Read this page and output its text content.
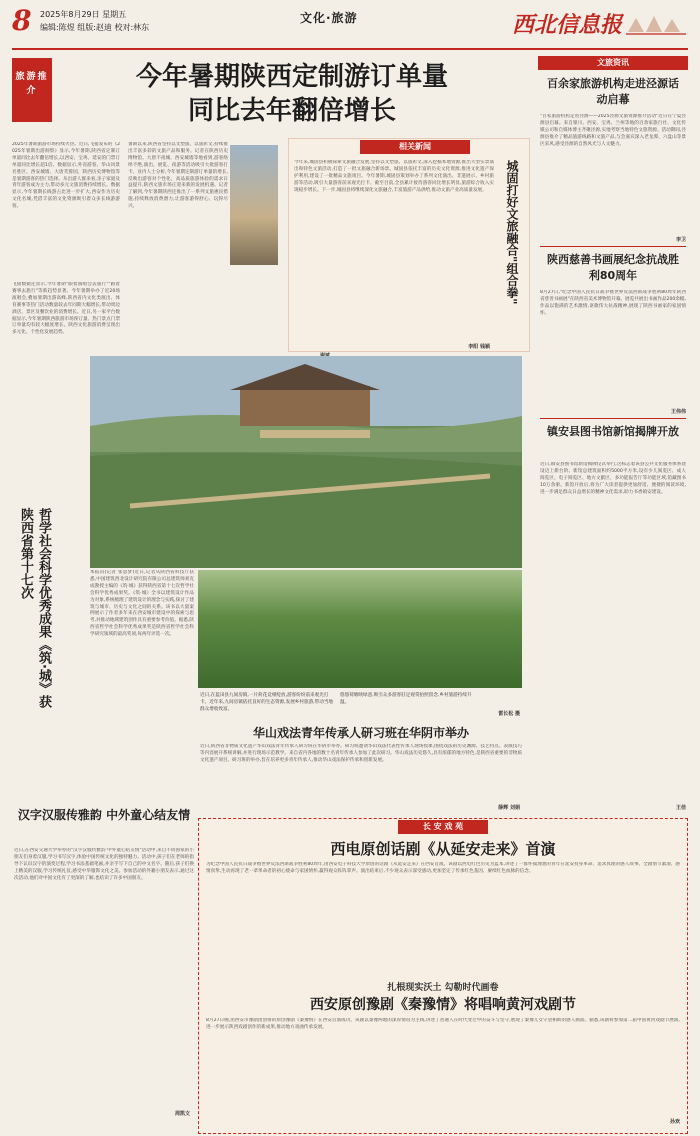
8 2025年8月29日 星期五
编辑:陈煜 组版:赵迪 校对:林东
文化·旅游	西北信息报
旅游推介	今年暑期陕西定制游订单量
同比去年翻倍增长
2025年暑期旅游市场持续火热。近日,飞猪发布的《2025年暑期出游洞察》显示,今年暑期,陕西省定制订单量同比去年翻倍增长,以西安、宝鸡、延安的门票订单量同比增长超1倍。数据显示,外省游客、华山风景名胜区、西安城墙、大唐芙蓉园、陕西历史博物馆等是暑期游客的热门选择。从出游人群来看,亲子家庭及青年游客成为主力,带动多元文旅消费持续增长。数据显示,今年暑期长线游占比进一步扩大,西安作为历史文化名城,凭借丰富的文化资源吸引着众多长线游游客。
飞猪数据还显示,今年暑期"跟着演唱会去旅行""跟着赛事去旅行"等新趋势显著。今年暑期举办了近20场演唱会,叠加暑期出游高峰,陕西省内文化类演出、体育赛事等热门活动数量较去年同期大幅增长,带动周边酒店、景区及餐饮业的消费增长。近日,另一家平台数据显示,今年暑期陕西旅游市场预订量、热门景点门票订单量均有较大幅度增长。陕西文化旅游消费呈现出多元化、个性化发展趋势。
暑期以来,陕西省坚持以文塑旅、以旅彰文,持续推出丰富多彩的文旅产品和服务。记者在陕西历史博物馆、大唐不夜城、西安城墙等地看到,游客络绎不绝,演出、展览、夜游等活动吸引大批游客打卡。业内人士分析,今年暑期定制游订单量的增长,反映出游客对个性化、高品质旅游体验的需求日益提升,陕西文旅市场正迎来新的发展机遇。记者了解到,今年暑期陕西还推出了一系列文旅惠民措施,持续释放消费潜力,让游客游得舒心、玩得尽兴。
相关新闻
今年来,城固县积极探索文旅融合发展,坚持以文塑旅、以旅彰文,深入挖掘本地资源,推出大型实景演出和特色文旅活动,打造了一批文旅融合新场景。城固县依托丰富的历史文化资源,推进文化遗产保护利用,建设了一批精品文旅项目。今年暑期,城固县策划举办了系列文化演出、非遗展示、乡村旅游等活动,吸引大量游客前来观光打卡。截至目前,全县累计接待游客同比增长明显,旅游综合收入实现稳步增长。下一步,城固县将继续深化文旅融合,丰富旅游产品供给,推动文旅产业高质量发展。	城固打好文旅融合"组合拳"
李阳 钱颖
哲学社会科学优秀成果《筑·城》获陕西省第十七次	本报讯(记者 张思梦)近日,记者从陕西省科技厅获悉,中国建筑西北设计研究院有限公司总建筑师刘克成教授主编的《筑·城》获得陕西省第十七次哲学社会科学优秀成果奖。《筑·城》全书以建筑设计作品为对象,系统梳理了建筑设计的理念与实践,探讨了建筑与城市、历史与文化之间的关系。该书以大量案例展示了作者多年来在西安城市建设中的探索与思考,对推动地域建筑创作具有重要参考价值。据悉,陕西省哲学社会科学优秀成果奖是陕西省哲学社会科学研究领域的最高奖项,每两年评选一次。
近日,在蓝田县九间房镇,一片荷花竞相绽放,游客纷纷前来观光打卡。近年来,九间房镇依托良好的生态资源,发展乡村旅游,带动当地群众增收致富。
悠悠荷塘映绿意,吸引众多游客驻足观赏拍照留念,乡村旅游持续升温。
雷长松 摄
华山戏法青年传承人研习班在华阴市举办
近日,陕西省非物质文化遗产华山戏法青年传承人研习班在华阴市举办。研习班邀请华山戏法代表性传承人现场授课,围绕戏法的历史渊源、技艺特点、表演技巧等内容展开系统讲解,并进行现场示范教学。来自省内各地的数十名青年传承人参加了此次研习。华山戏法历史悠久,具有浓郁的地方特色,是陕西省重要的非物质文化遗产项目。研习班的举办,旨在培养更多青年传承人,推动华山戏法保护传承和创新发展。
薛辉 刘娟
汉字汉服传雅韵 中外童心结友情
近日,在西安交通大学举办的"汉字汉服传雅韵 中外童心结友情"活动中,来自不同国家的小朋友们身着汉服,学习书写汉字,体验中国传统文化的独特魅力。活动中,孩子们在老师的指导下认识汉字的演变过程,学习书法基础笔画,并亲手写下自己的中文名字。随后,孩子们换上精美的汉服,学习传统礼仪,感受中华服饰文化之美。参加活动的外籍小朋友表示,通过这次活动,他们对中国文化有了更深的了解,也结识了许多中国朋友。
周凯文
长 安 戏 苑
西电原创话剧《从延安走来》首演
为纪念中国人民抗日战争暨世界反法西斯战争胜利80周年,由西安电子科技大学原创的话剧《从延安走来》在西安首演。该剧以西电红色历史为蓝本,讲述了一群怀揣理想的青年在延安投身革命、追求真理的感人故事。全剧情节紧凑、感情真挚,生动再现了老一辈革命者的初心使命与家国情怀,赢得观众阵阵掌声。演出结束后,不少观众表示深受感动,更加坚定了传承红色基因、赓续红色血脉的信念。
扎根现实沃土 勾勒时代画卷
西安原创豫剧《秦豫情》将唱响黄河戏剧节
8月27日晚,由西安市豫剧团创排的原创豫剧《秦豫情》在西安首演成功。该剧以秦豫两地的深厚情谊为主线,讲述了普通人在时代变迁中的奋斗与坚守,展现了秦豫儿女守望相助的感人画面。据悉,该剧将参加第二届中国黄河戏剧节展演,进一步展示陕西戏剧创作的新成果,推动地方戏曲传承发展。
孙欢
文旅资讯
百余家旅游机构走进泾源话动启幕
"百家旅游机构走进泾源——2025泾源文旅资源推介活动"近日在宁夏泾源县启幕。来自银川、西安、宝鸡、兰州等地的百余家旅行社、文化传媒公司和自媒体博主齐聚泾源,实地考察当地特色文旅资源。活动期间,泾源县推介了精品旅游线路和文旅产品,与会嘉宾深入老龙潭、六盘山等景区采风,感受泾源的自然风光与人文魅力。
李卫
陕西慈善书画展纪念抗战胜利80周年
8月27日,"纪念中国人民抗日战争暨世界反法西斯战争胜利80周年陕西省慈善书画展"在陕西省美术博物馆开幕。展览共展出书画作品200余幅,作品以饱满的艺术激情,讴歌伟大抗战精神,展现了陕西书画家的家国情怀。
王伟伟
镇安县图书馆新馆揭牌开放
近日,镇安县图书馆新馆揭牌仪式举行,这标志着该县公共文化服务体系建设迈上新台阶。新馆总建筑面积约5000平方米,设有少儿阅览区、成人阅览区、电子阅览区、地方文献区、多功能报告厅等功能区域,馆藏图书10万余册。新馆开放后,将为广大读者提供更加舒适、便捷的阅读环境,进一步满足群众日益增长的精神文化需求,助力书香镇安建设。
王佳
